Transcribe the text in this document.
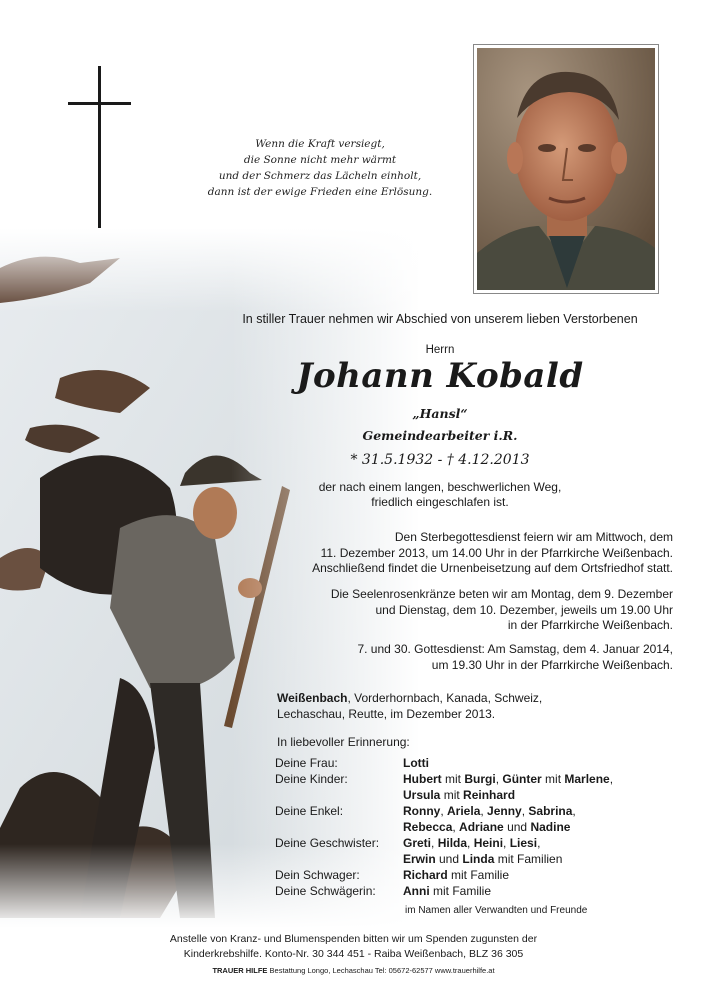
Wenn die Kraft versiegt,
die Sonne nicht mehr wärmt
und der Schmerz das Lächeln einholt,
dann ist der ewige Frieden eine Erlösung.
In stiller Trauer nehmen wir Abschied von unserem lieben Verstorbenen
Herrn
Johann Kobald
„Hansl“
Gemeindearbeiter i.R.
* 31.5.1932 - † 4.12.2013
der nach einem langen, beschwerlichen Weg,
friedlich eingeschlafen ist.
Den Sterbegottesdienst feiern wir am Mittwoch, dem
11. Dezember 2013, um 14.00 Uhr in der Pfarrkirche Weißenbach.
Anschließend findet die Urnenbeisetzung auf dem Ortsfriedhof statt.
Die Seelenrosenkränze beten wir am Montag, dem 9. Dezember
und Dienstag, dem 10. Dezember, jeweils um 19.00 Uhr
in der Pfarrkirche Weißenbach.
7. und 30. Gottesdienst: Am Samstag, dem 4. Januar 2014,
um 19.30 Uhr in der Pfarrkirche Weißenbach.
Weißenbach, Vorderhornbach, Kanada, Schweiz,
Lechaschau, Reutte, im Dezember 2013.
In liebevoller Erinnerung:
Deine Frau:	Lotti
Deine Kinder:	Hubert mit Burgi, Günter mit Marlene,
	Ursula mit Reinhard
Deine Enkel:	Ronny, Ariela, Jenny, Sabrina,
	Rebecca, Adriane und Nadine
Deine Geschwister:	Greti, Hilda, Heini, Liesi,
	Erwin und Linda mit Familien
Dein Schwager:	Richard mit Familie
Deine Schwägerin:	Anni mit Familie
im Namen aller Verwandten und Freunde
Anstelle von Kranz- und Blumenspenden bitten wir um Spenden zugunsten der
Kinderkrebshilfe. Konto-Nr. 30 344 451 - Raiba Weißenbach, BLZ 36 305
TRAUER HILFE Bestattung Longo, Lechaschau Tel: 05672-62577 www.trauerhilfe.at
